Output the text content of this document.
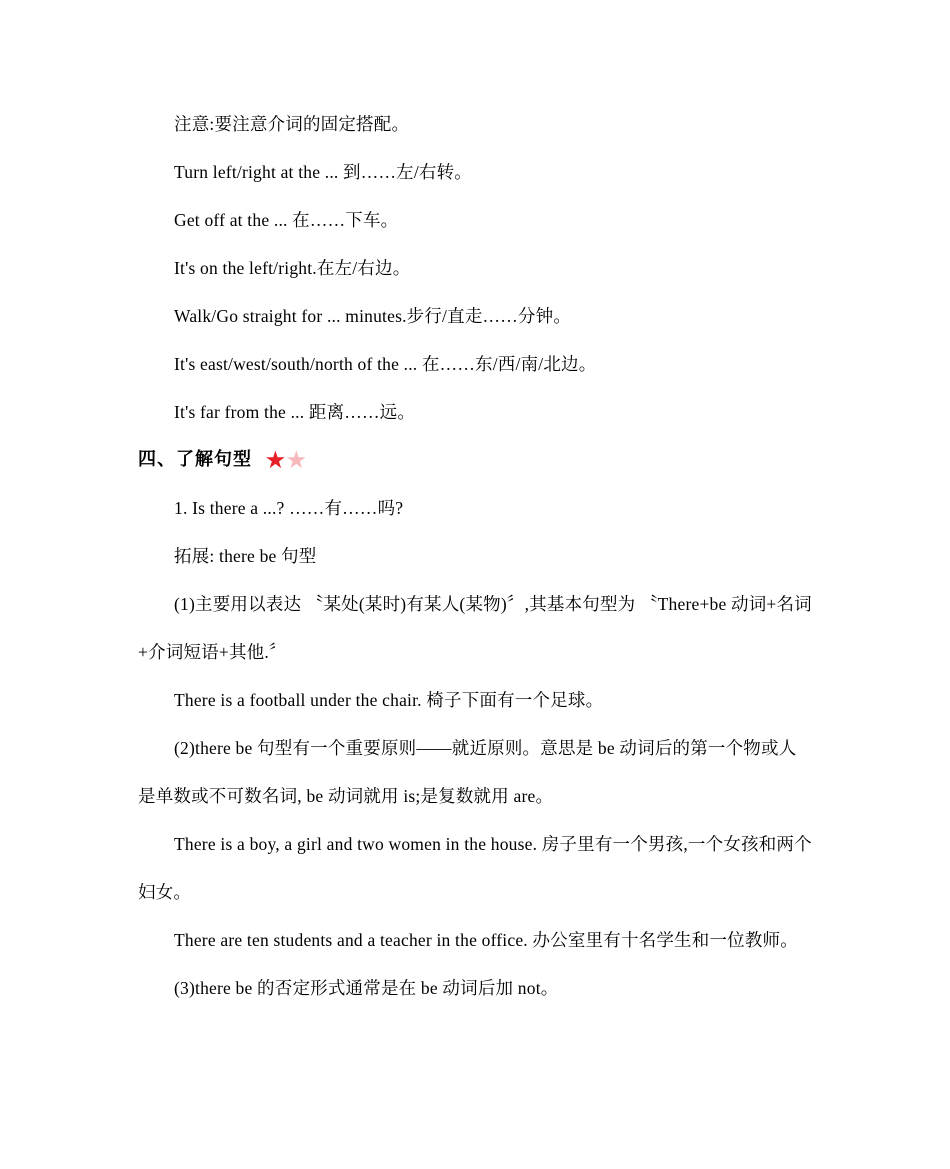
注意:要注意介词的固定搭配。

Turn left/right at the ... 到……左/右转。

Get off at the ... 在……下车。

It's on the left/right.在左/右边。

Walk/Go straight for ... minutes.步行/直走……分钟。

It's east/west/south/north of the ... 在……东/西/南/北边。

It's far from the ... 距离……远。

四、了解句型 ★ ★

1. Is there a ...? ……有……吗?

拓展: there be 句型

(1)主要用以表达 〝某处(某时)有某人(某物)〞,其基本句型为 〝There+be 动词+名词+介词短语+其他.〞

There is a football under the chair. 椅子下面有一个足球。

(2)there be 句型有一个重要原则——就近原则。意思是 be 动词后的第一个物或人是单数或不可数名词, be 动词就用 is;是复数就用 are。

There is a boy, a girl and two women in the house. 房子里有一个男孩,一个女孩和两个妇女。

There are ten students and a teacher in the office. 办公室里有十名学生和一位教师。

(3)there be 的否定形式通常是在 be 动词后加 not。
